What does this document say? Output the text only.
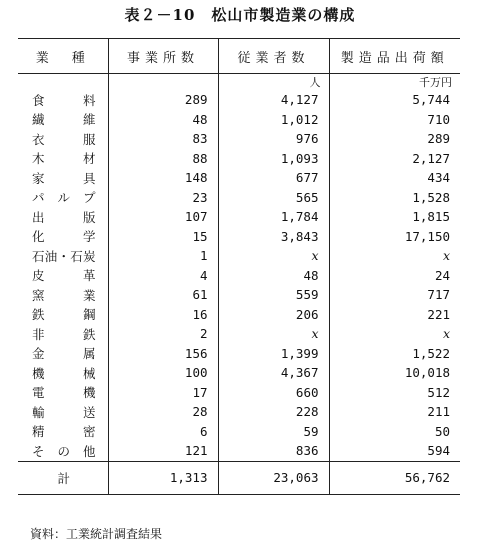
表２－10　松山市製造業の構成
業　種	事業所数	従業者数	製造品出荷額
		人	千万円
食料	289	4,127	5,744
繊維	48	1,012	710
衣服	83	976	289
木材	88	1,093	2,127
家具	148	677	434
パルプ	23	565	1,528
出版	107	1,784	1,815
化学	15	3,843	17,150
石油・石炭	1	x	x
皮革	4	48	24
窯業	61	559	717
鉄鋼	16	206	221
非鉄	2	x	x
金属	156	1,399	1,522
機械	100	4,367	10,018
電機	17	660	512
輸送	28	228	211
精密	6	59	50
その他	121	836	594
計	1,313	23,063	56,762
資料：工業統計調査結果
